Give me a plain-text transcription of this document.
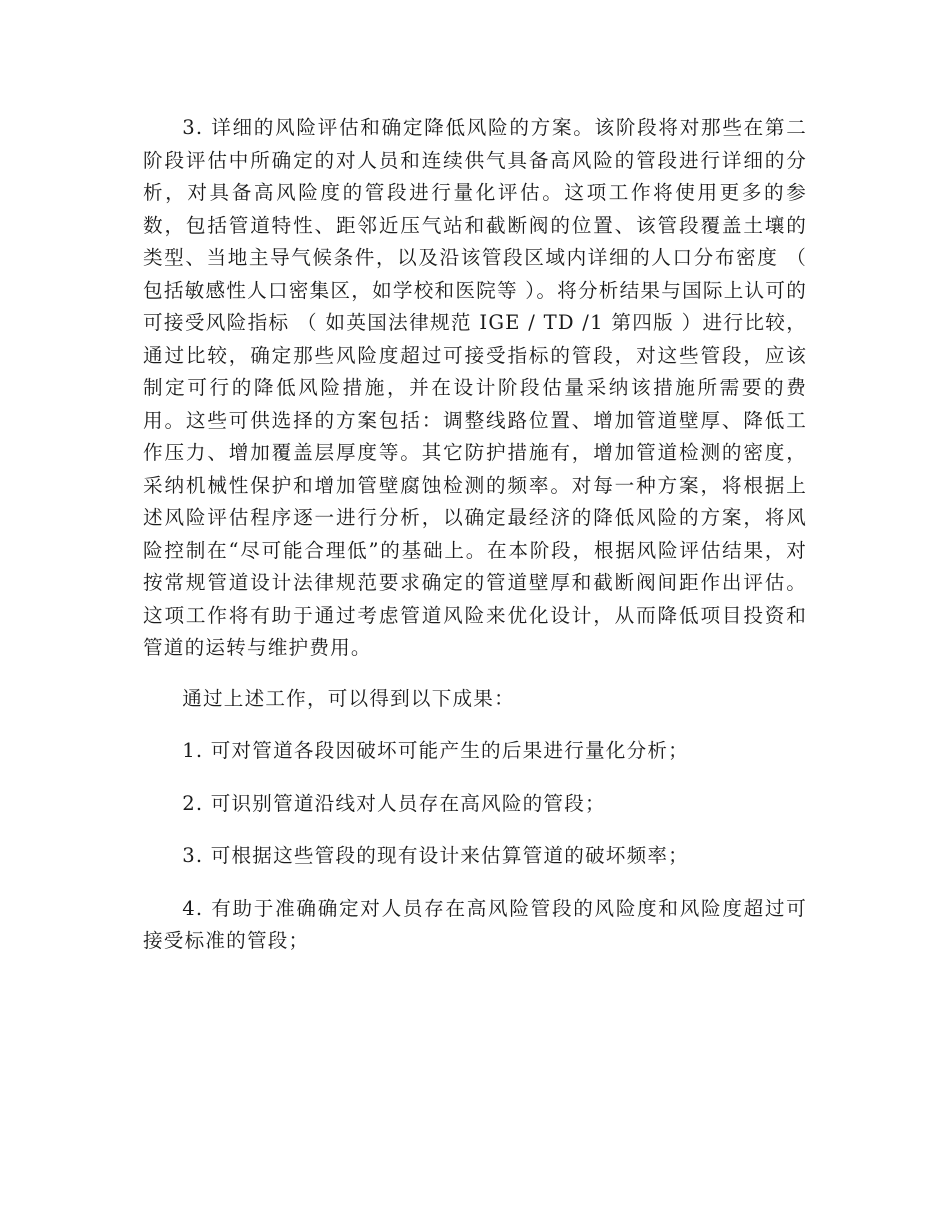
3. 详细的风险评估和确定降低风险的方案。该阶段将对那些在第二阶段评估中所确定的对人员和连续供气具备高风险的管段进行详细的分析，对具备高风险度的管段进行量化评估。这项工作将使用更多的参数，包括管道特性、距邻近压气站和截断阀的位置、该管段覆盖土壤的类型、当地主导气候条件，以及沿该管段区域内详细的人口分布密度 （ 包括敏感性人口密集区，如学校和医院等 ）。将分析结果与国际上认可的可接受风险指标 （ 如英国法律规范 IGE / TD /1 第四版 ）进行比较，通过比较，确定那些风险度超过可接受指标的管段，对这些管段，应该制定可行的降低风险措施，并在设计阶段估量采纳该措施所需要的费用。这些可供选择的方案包括：调整线路位置、增加管道壁厚、降低工作压力、增加覆盖层厚度等。其它防护措施有，增加管道检测的密度，采纳机械性保护和增加管壁腐蚀检测的频率。对每一种方案，将根据上述风险评估程序逐一进行分析，以确定最经济的降低风险的方案，将风险控制在“尽可能合理低”的基础上。在本阶段，根据风险评估结果，对按常规管道设计法律规范要求确定的管道壁厚和截断阀间距作出评估。这项工作将有助于通过考虑管道风险来优化设计，从而降低项目投资和管道的运转与维护费用。

通过上述工作，可以得到以下成果：

1. 可对管道各段因破坏可能产生的后果进行量化分析；

2. 可识别管道沿线对人员存在高风险的管段；

3. 可根据这些管段的现有设计来估算管道的破坏频率；

4. 有助于准确确定对人员存在高风险管段的风险度和风险度超过可接受标准的管段；
